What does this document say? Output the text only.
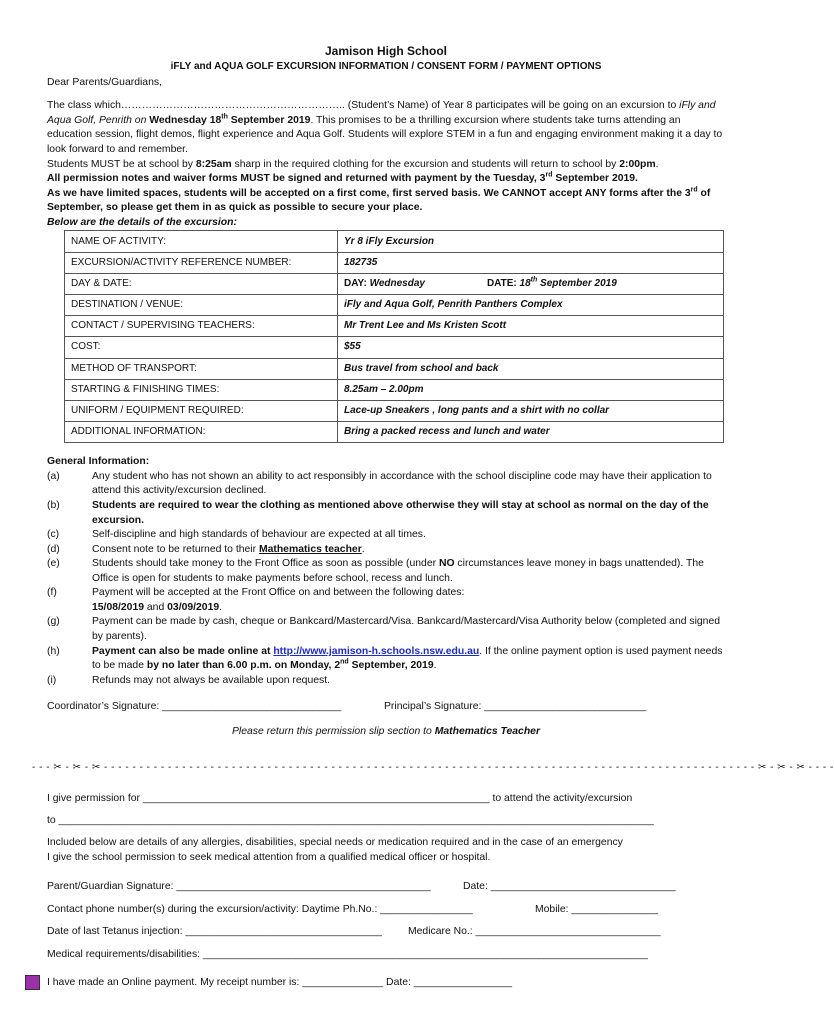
Jamison High School

iFLY and AQUA GOLF EXCURSION INFORMATION / CONSENT FORM / PAYMENT OPTIONS

Dear Parents/Guardians,

The class which……………………………………………………….. (Student’s Name) of Year 8 participates will be going on an excursion to iFly and Aqua Golf, Penrith on Wednesday 18th September 2019. This promises to be a thrilling excursion where students take turns attending an education session, flight demos, flight experience and Aqua Golf. Students will explore STEM in a fun and engaging environment making it a day to look forward to and remember.

Students MUST be at school by 8:25am sharp in the required clothing for the excursion and students will return to school by 2:00pm.

All permission notes and waiver forms MUST be signed and returned with payment by the Tuesday, 3rd September 2019.

As we have limited spaces, students will be accepted on a first come, first served basis. We CANNOT accept ANY forms after the 3rd of September, so please get them in as quick as possible to secure your place.

Below are the details of the excursion:

NAME OF ACTIVITY:	Yr 8 iFly Excursion
EXCURSION/ACTIVITY REFERENCE NUMBER:	182735
DAY & DATE:	DAY: Wednesday DATE: 18th September 2019
DESTINATION / VENUE:	iFly and Aqua Golf, Penrith Panthers Complex
CONTACT / SUPERVISING TEACHERS:	Mr Trent Lee and Ms Kristen Scott
COST:	$55
METHOD OF TRANSPORT:	Bus travel from school and back
STARTING & FINISHING TIMES:	8.25am – 2.00pm
UNIFORM / EQUIPMENT REQUIRED:	Lace-up Sneakers , long pants and a shirt with no collar
ADDITIONAL INFORMATION:	Bring a packed recess and lunch and water

General Information:

(a)	Any student who has not shown an ability to act responsibly in accordance with the school discipline code may have their application to attend this activity/excursion declined.
(b)	Students are required to wear the clothing as mentioned above otherwise they will stay at school as normal on the day of the excursion.
(c)	Self-discipline and high standards of behaviour are expected at all times.
(d)	Consent note to be returned to their Mathematics teacher.
(e)	Students should take money to the Front Office as soon as possible (under NO circumstances leave money in bags unattended). The Office is open for students to make payments before school, recess and lunch.
(f)	Payment will be accepted at the Front Office on and between the following dates:
15/08/2019 and 03/09/2019.
(g)	Payment can be made by cash, cheque or Bankcard/Mastercard/Visa. Bankcard/Mastercard/Visa Authority below (completed and signed by parents).
(h)	Payment can also be made online at http://www.jamison-h.schools.nsw.edu.au. If the online payment option is used payment needs to be made by no later than 6.00 p.m. on Monday, 2nd September, 2019.
(i)	Refunds may not always be available upon request.
Coordinator’s Signature: _______________________________	Principal’s Signature: ____________________________

Please return this permission slip section to Mathematics Teacher

- - - ✂ - ✂ - ✂ - - - - - - - - - - - - - - - - - - - - - - - - - - - - - - - - - - - - - - - - - - - - - - - - - - - - - - - - - - - - - - - - - - - - - - - - - - - - - - - - - - - - - - - - - - - - ✂ - ✂ - ✂ - - - -
I give permission for ____________________________________________________________ to attend the activity/excursion
to _______________________________________________________________________________________________________
Included below are details of any allergies, disabilities, special needs or medication required and in the case of an emergency
I give the school permission to seek medical attention from a qualified medical officer or hospital.
Parent/Guardian Signature: ____________________________________________	Date: ________________________________
Contact phone number(s) during the excursion/activity: Daytime Ph.No.: ________________	Mobile: _______________
Date of last Tetanus injection: __________________________________	Medicare No.: ________________________________
Medical requirements/disabilities: _____________________________________________________________________________
I have made an Online payment. My receipt number is: ______________ Date: _________________
